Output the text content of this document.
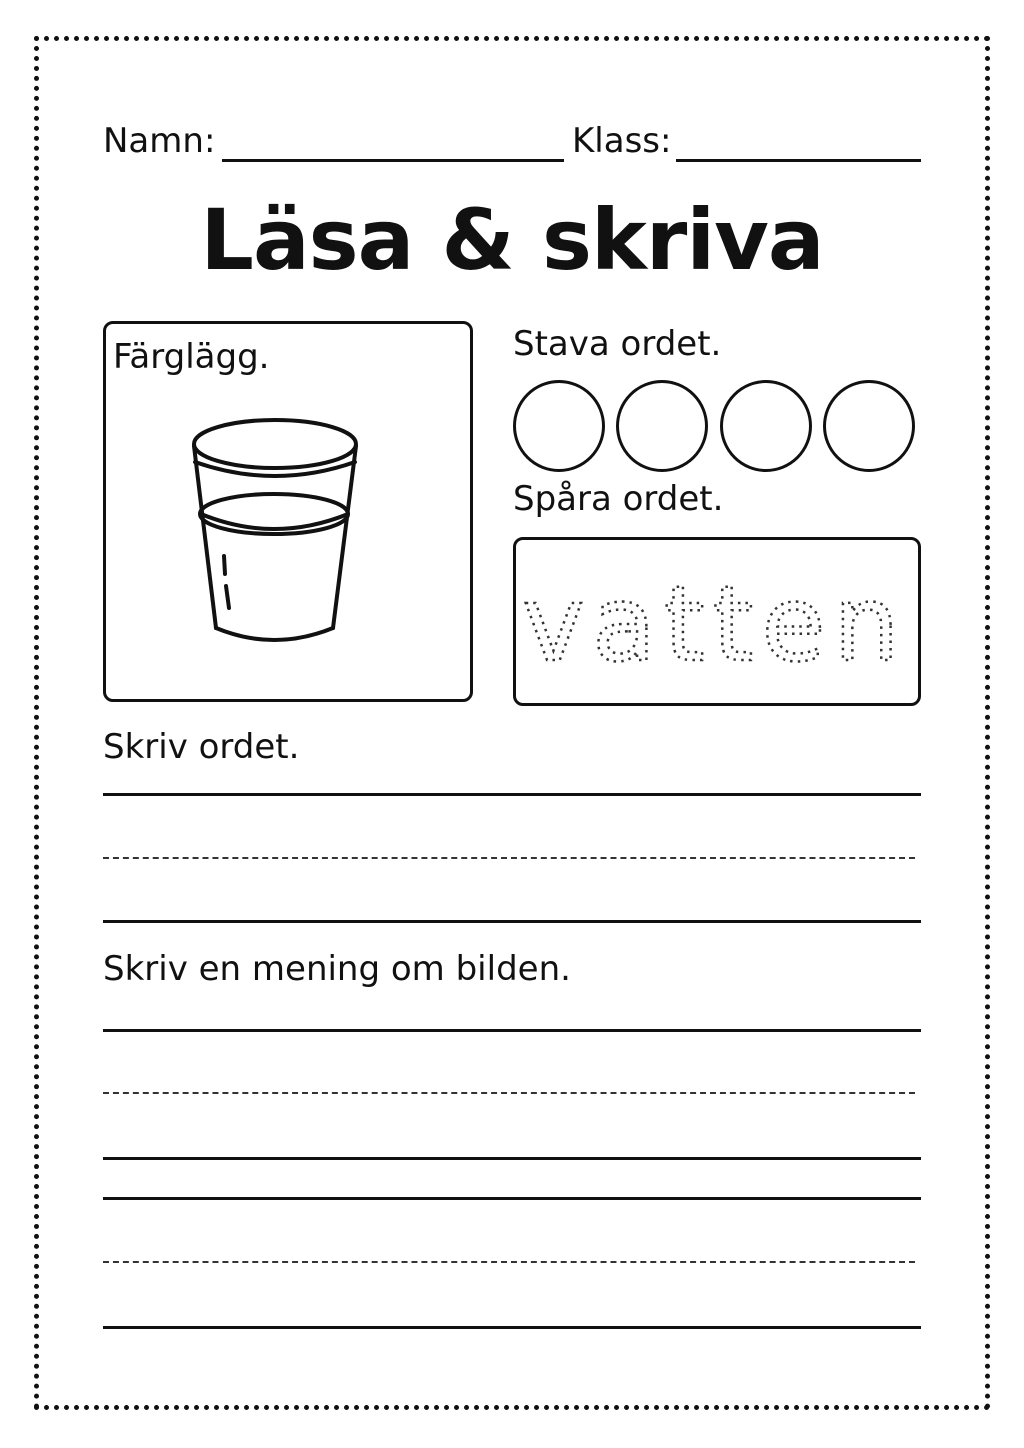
Namn:	Klass:
Läsa & skriva
Färglägg.	Stava ordet.
Spåra ordet.
vatten
Skriv ordet.
Skriv en mening om bilden.
